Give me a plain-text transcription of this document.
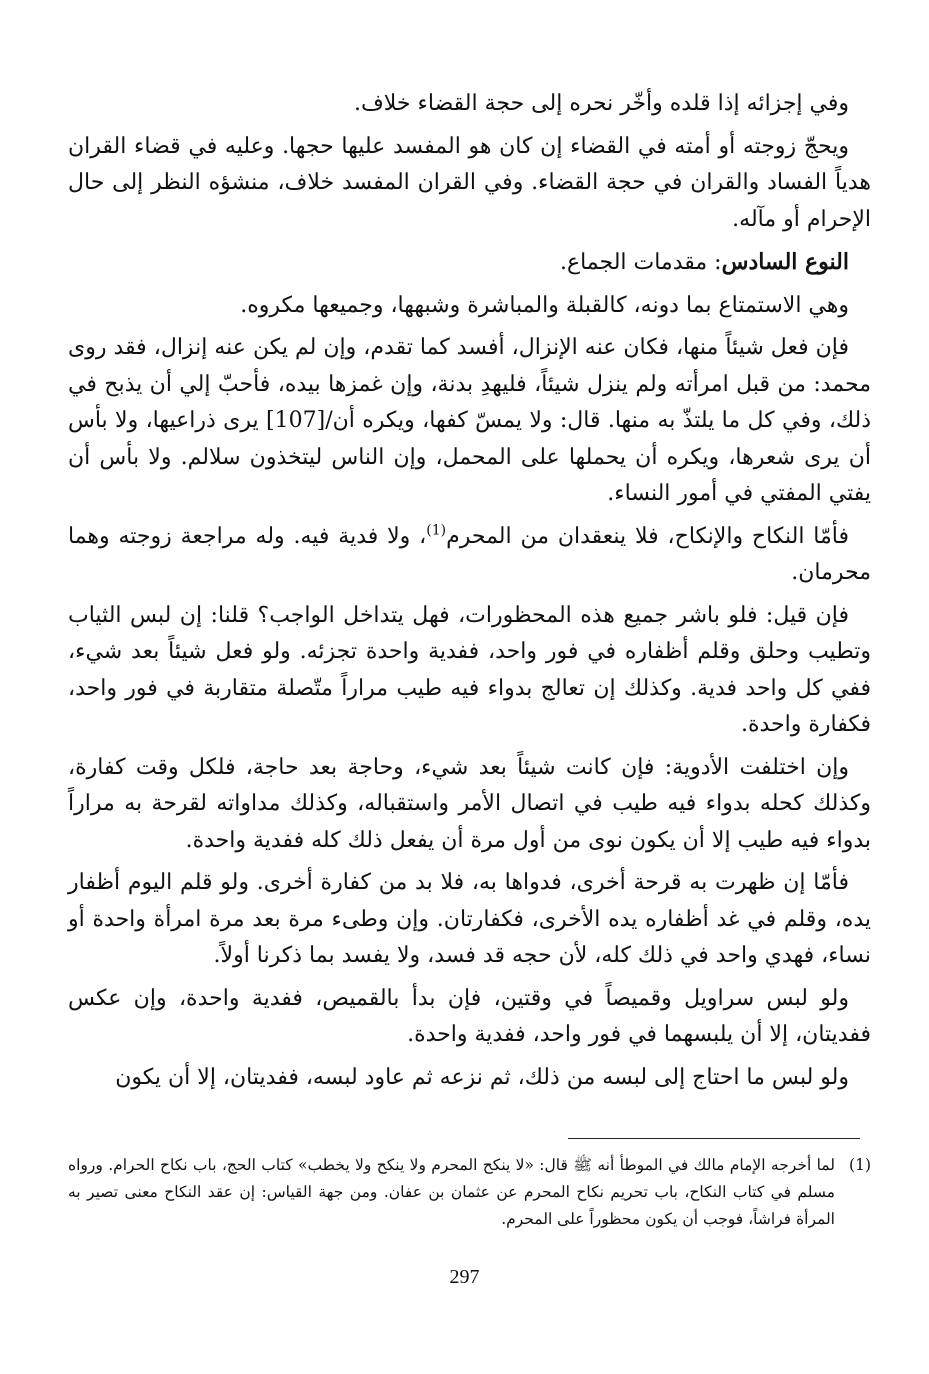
وفي إجزائه إذا قلده وأخّر نحره إلى حجة القضاء خلاف.

ويحجّ زوجته أو أمته في القضاء إن كان هو المفسد عليها حجها. وعليه في قضاء القران هدياً الفساد والقران في حجة القضاء. وفي القران المفسد خلاف، منشؤه النظر إلى حال الإحرام أو مآله.

النوع السادس: مقدمات الجماع.

وهي الاستمتاع بما دونه، كالقبلة والمباشرة وشبهها، وجميعها مكروه.

فإن فعل شيئاً منها، فكان عنه الإنزال، أفسد كما تقدم، وإن لم يكن عنه إنزال، فقد روى محمد: من قبل امرأته ولم ينزل شيئاً، فليهدِ بدنة، وإن غمزها بيده، فأحبّ إلي أن يذبح في ذلك، وفي كل ما يلتذّ به منها. قال: ولا يمسّ كفها، ويكره أن/[107] يرى ذراعيها، ولا بأس أن يرى شعرها، ويكره أن يحملها على المحمل، وإن الناس ليتخذون سلالم. ولا بأس أن يفتي المفتي في أمور النساء.

فأمّا النكاح والإنكاح، فلا ينعقدان من المحرم$^{(1)}$، ولا فدية فيه. وله مراجعة زوجته وهما محرمان.

فإن قيل: فلو باشر جميع هذه المحظورات، فهل يتداخل الواجب؟ قلنا: إن لبس الثياب وتطيب وحلق وقلم أظفاره في فور واحد، ففدية واحدة تجزئه. ولو فعل شيئاً بعد شيء، ففي كل واحد فدية. وكذلك إن تعالج بدواء فيه طيب مراراً متّصلة متقاربة في فور واحد، فكفارة واحدة.

وإن اختلفت الأدوية: فإن كانت شيئاً بعد شيء، وحاجة بعد حاجة، فلكل وقت كفارة، وكذلك كحله بدواء فيه طيب في اتصال الأمر واستقباله، وكذلك مداواته لقرحة به مراراً بدواء فيه طيب إلا أن يكون نوى من أول مرة أن يفعل ذلك كله ففدية واحدة.

فأمّا إن ظهرت به قرحة أخرى، فدواها به، فلا بد من كفارة أخرى. ولو قلم اليوم أظفار يده، وقلم في غد أظفاره يده الأخرى، فكفارتان. وإن وطىء مرة بعد مرة امرأة واحدة أو نساء، فهدي واحد في ذلك كله، لأن حجه قد فسد، ولا يفسد بما ذكرنا أولاً.

ولو لبس سراويل وقميصاً في وقتين، فإن بدأ بالقميص، ففدية واحدة، وإن عكس ففديتان، إلا أن يلبسهما في فور واحد، ففدية واحدة.

ولو لبس ما احتاج إلى لبسه من ذلك، ثم نزعه ثم عاود لبسه، ففديتان، إلا أن يكون

(1)
لما أخرجه الإمام مالك في الموطأ أنه ﷺ قال: «لا ينكح المحرم ولا ينكح ولا يخطب» كتاب الحج، باب نكاح الحرام. ورواه مسلم في كتاب النكاح، باب تحريم نكاح المحرم عن عثمان بن عفان. ومن جهة القياس: إن عقد النكاح معنى تصير به المرأة فراشاً، فوجب أن يكون محظوراً على المحرم.
297
